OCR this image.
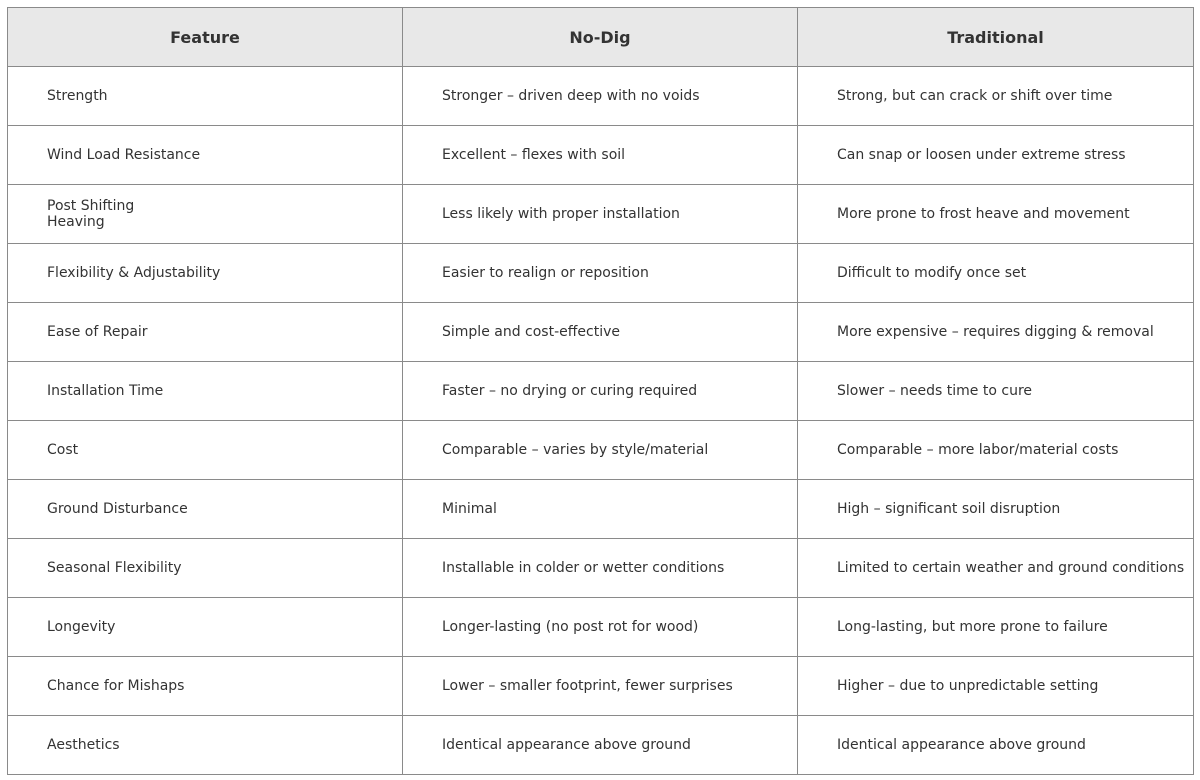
Feature	No-Dig	Traditional
Strength	Stronger – driven deep with no voids	Strong, but can crack or shift over time
Wind Load Resistance	Excellent – flexes with soil	Can snap or loosen under extreme stress

Post Shifting
Heaving	Less likely with proper installation	More prone to frost heave and movement
Flexibility & Adjustability	Easier to realign or reposition	Difficult to modify once set
Ease of Repair	Simple and cost-effective	More expensive – requires digging & removal
Installation Time	Faster – no drying or curing required	Slower – needs time to cure
Cost	Comparable – varies by style/material	Comparable – more labor/material costs
Ground Disturbance	Minimal	High – significant soil disruption
Seasonal Flexibility	Installable in colder or wetter conditions	Limited to certain weather and ground conditions
Longevity	Longer-lasting (no post rot for wood)	Long-lasting, but more prone to failure
Chance for Mishaps	Lower – smaller footprint, fewer surprises	Higher – due to unpredictable setting
Aesthetics	Identical appearance above ground	Identical appearance above ground
